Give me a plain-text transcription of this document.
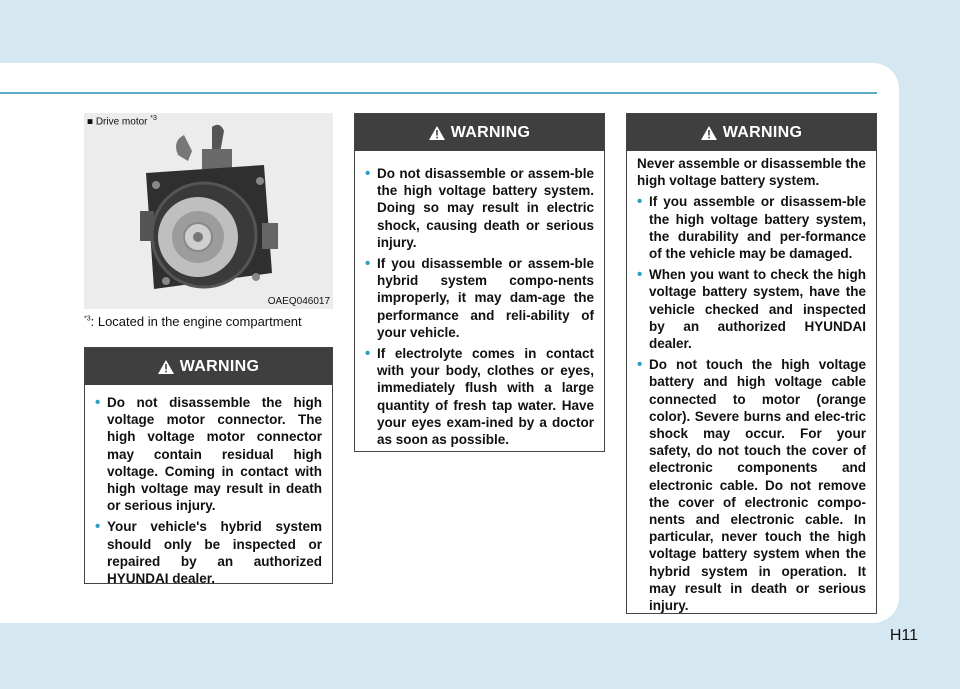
■ Drive motor $^{*3}$
OAEQ046017
$^{*3}$: Located in the engine compartment
WARNING
• Do not disassemble the high voltage motor connector. The high voltage motor connector may contain residual high voltage. Coming in contact with high voltage may result in death or serious injury.
• Your vehicle's hybrid system should only be inspected or repaired by an authorized HYUNDAI dealer.
WARNING
• Do not disassemble or assem-ble the high voltage battery system. Doing so may result in electric shock, causing death or serious injury.
• If you disassemble or assem-ble hybrid system compo-nents improperly, it may dam-age the performance and reli-ability of your vehicle.
• If electrolyte comes in contact with your body, clothes or eyes, immediately flush with a large quantity of fresh tap water. Have your eyes exam-ined by a doctor as soon as possible.
WARNING

Never assemble or disassemble the high voltage battery system.

• If you assemble or disassem-ble the high voltage battery system, the durability and per-formance of the vehicle may be damaged.
• When you want to check the high voltage battery system, have the vehicle checked and inspected by an authorized HYUNDAI dealer.
• Do not touch the high voltage battery and high voltage cable connected to motor (orange color). Severe burns and elec-tric shock may occur. For your safety, do not touch the cover of electronic components and electronic cable. Do not remove the cover of electronic compo-nents and electronic cable. In particular, never touch the high voltage battery system when the hybrid system in operation. It may result in death or serious injury.
H11
